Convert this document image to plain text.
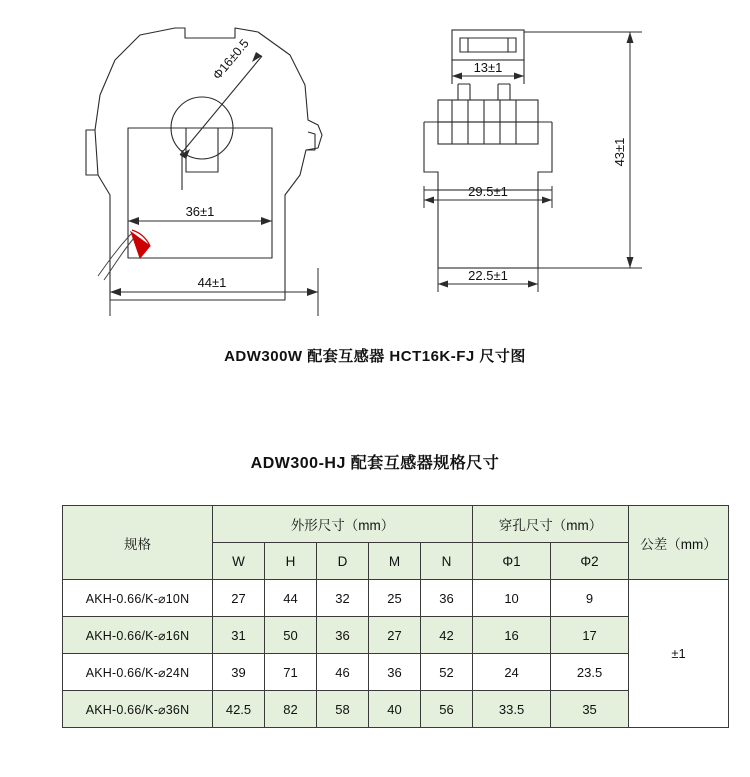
Φ16±0.5
36±1
44±1
13±1
29.5±1
22.5±1
43±1
ADW300W 配套互感器 HCT16K-FJ 尺寸图
ADW300-HJ 配套互感器规格尺寸
规格	外形尺寸（mm）					穿孔尺寸（mm）		公差（mm）
	W	H	D	M	N	Φ1	Φ2	
AKH-0.66/K-⌀10N	27	44	32	25	36	10	9	±1
AKH-0.66/K-⌀16N	31	50	36	27	42	16	17	
AKH-0.66/K-⌀24N	39	71	46	36	52	24	23.5	
AKH-0.66/K-⌀36N	42.5	82	58	40	56	33.5	35	
